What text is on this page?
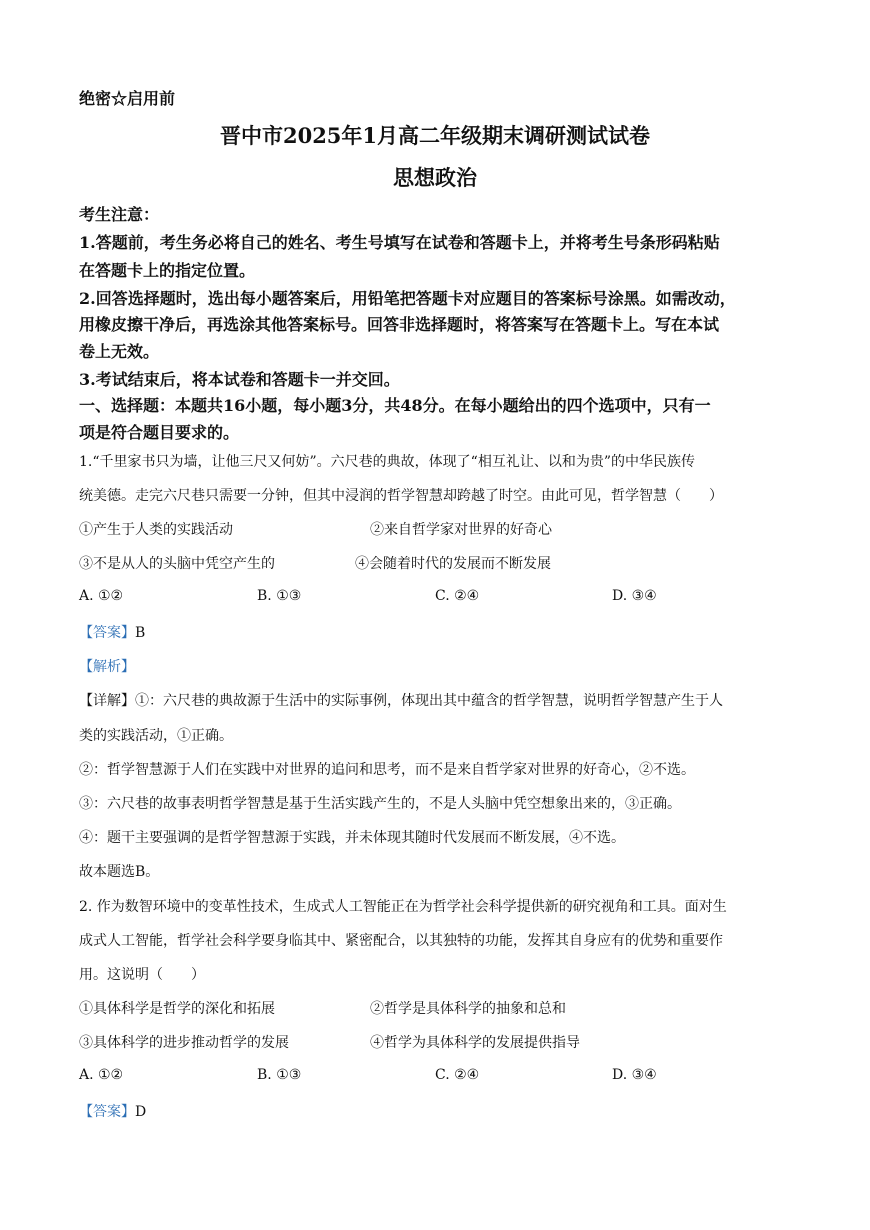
绝密☆启用前
晋中市2025年1月高二年级期末调研测试试卷
思想政治
考生注意：
1.答题前，考生务必将自己的姓名、考生号填写在试卷和答题卡上，并将考生号条形码粘贴
在答题卡上的指定位置。
2.回答选择题时，选出每小题答案后，用铅笔把答题卡对应题目的答案标号涂黑。如需改动，
用橡皮擦干净后，再选涂其他答案标号。回答非选择题时，将答案写在答题卡上。写在本试
卷上无效。
3.考试结束后，将本试卷和答题卡一并交回。
一、选择题：本题共16小题，每小题3分，共48分。在每小题给出的四个选项中，只有一
项是符合题目要求的。
1.“千里家书只为墙，让他三尺又何妨”。六尺巷的典故，体现了“相互礼让、以和为贵”的中华民族传
统美德。走完六尺巷只需要一分钟，但其中浸润的哲学智慧却跨越了时空。由此可见，哲学智慧（　　）
①产生于人类的实践活动	②来自哲学家对世界的好奇心
③不是从人的头脑中凭空产生的	④会随着时代的发展而不断发展
A. ①②	B. ①③	C. ②④	D. ③④
【答案】B
【解析】
【详解】①：六尺巷的典故源于生活中的实际事例，体现出其中蕴含的哲学智慧，说明哲学智慧产生于人
类的实践活动，①正确。
②：哲学智慧源于人们在实践中对世界的追问和思考，而不是来自哲学家对世界的好奇心，②不选。
③：六尺巷的故事表明哲学智慧是基于生活实践产生的，不是人头脑中凭空想象出来的，③正确。
④：题干主要强调的是哲学智慧源于实践，并未体现其随时代发展而不断发展，④不选。
故本题选B。
2. 作为数智环境中的变革性技术，生成式人工智能正在为哲学社会科学提供新的研究视角和工具。面对生
成式人工智能，哲学社会科学要身临其中、紧密配合，以其独特的功能，发挥其自身应有的优势和重要作
用。这说明（　　）
①具体科学是哲学的深化和拓展	②哲学是具体科学的抽象和总和
③具体科学的进步推动哲学的发展	④哲学为具体科学的发展提供指导
A. ①②	B. ①③	C. ②④	D. ③④
【答案】D
